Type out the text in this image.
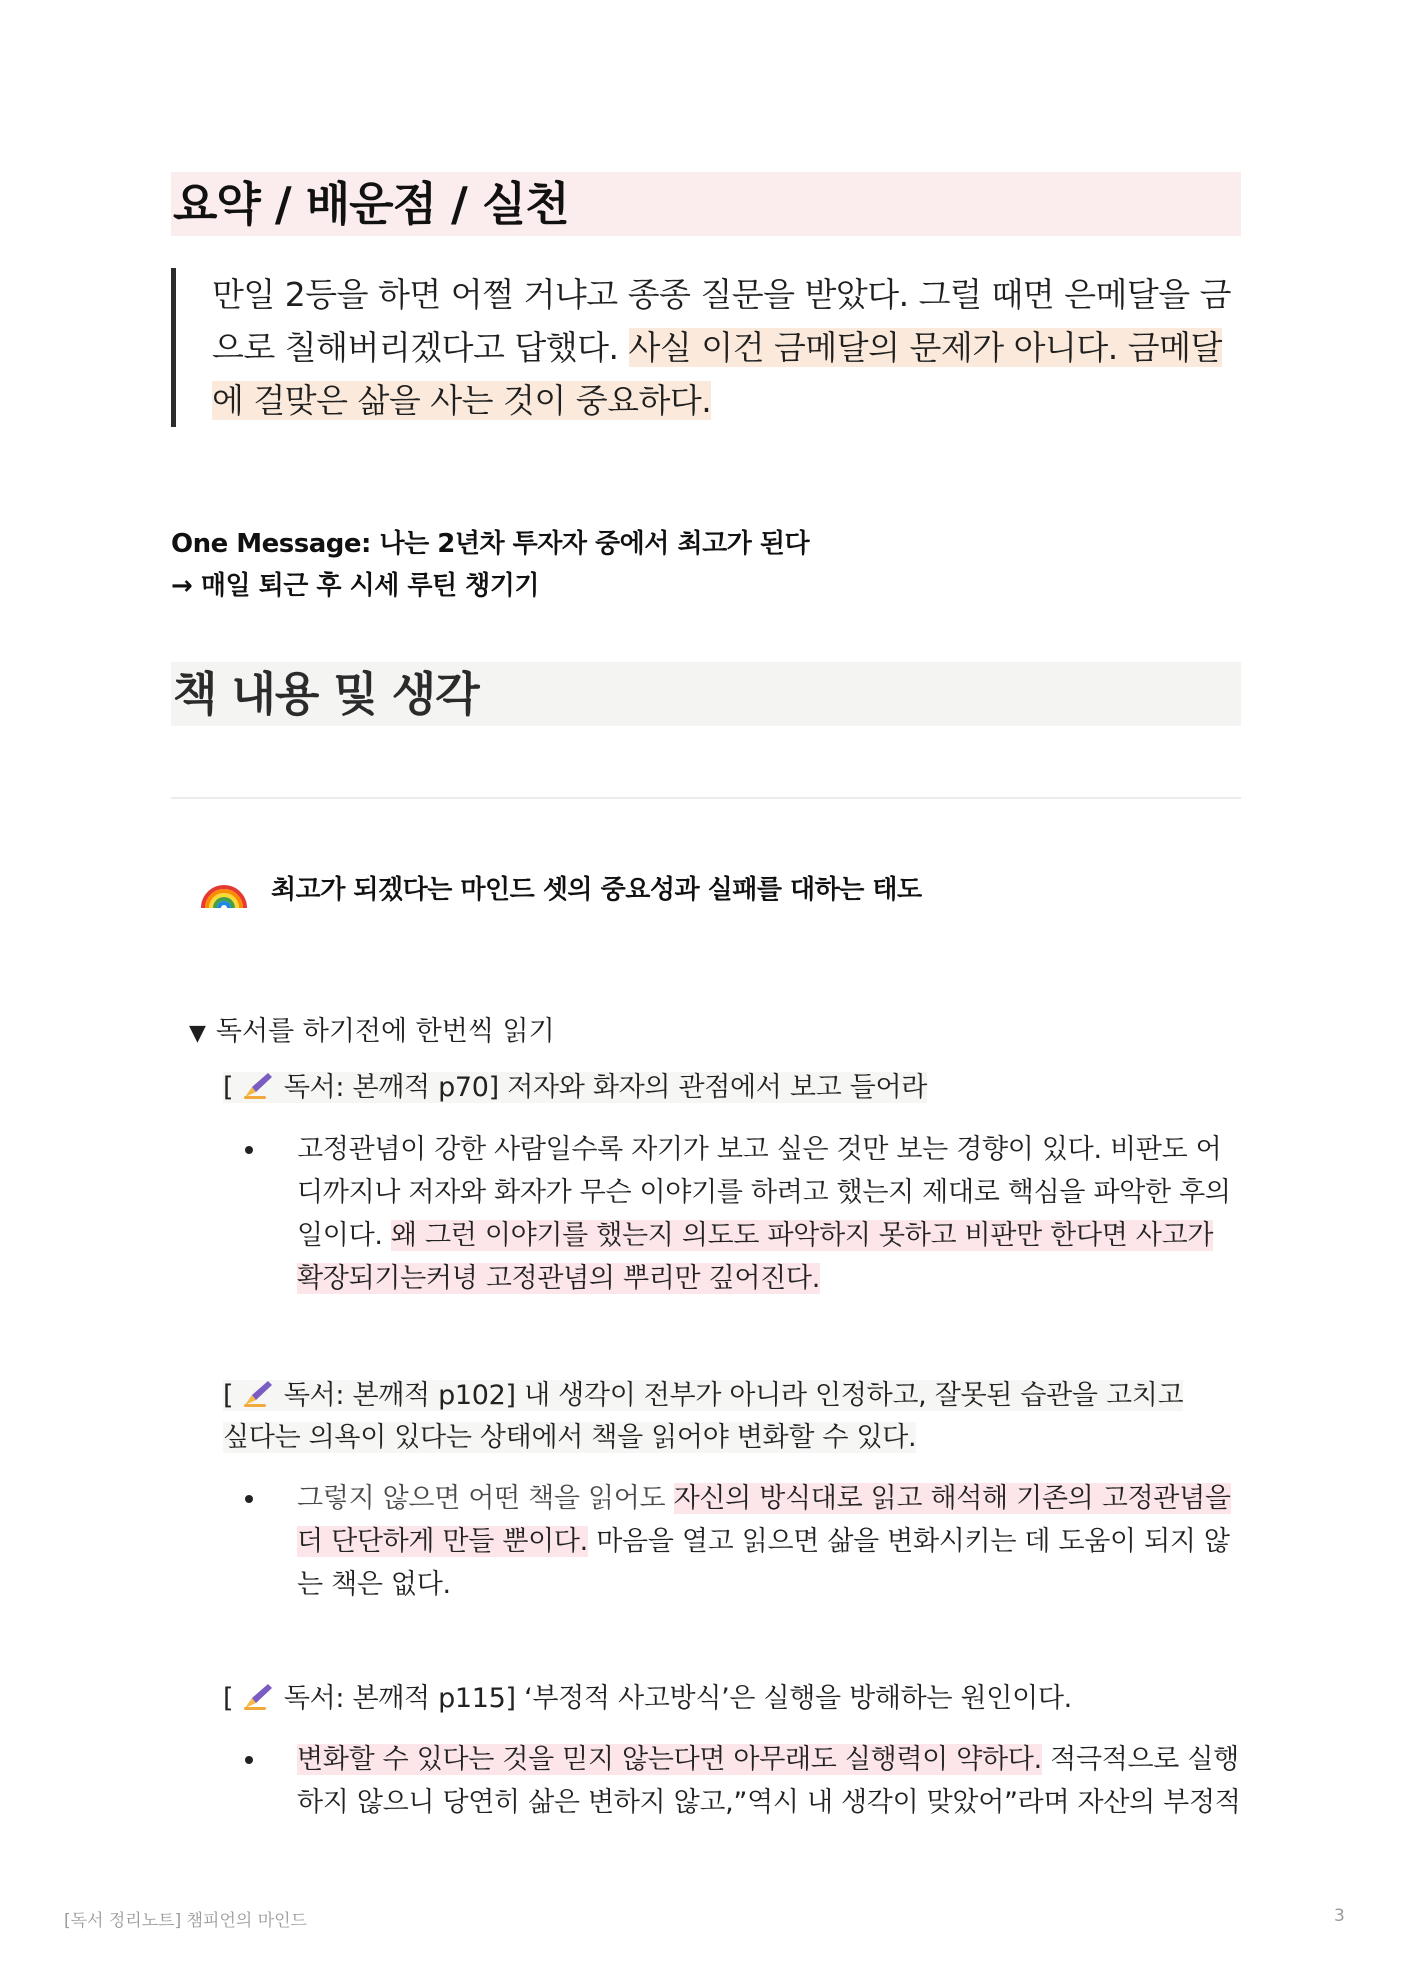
요약 / 배운점 / 실천
만일 2등을 하면 어쩔 거냐고 종종 질문을 받았다. 그럴 때면 은메달을 금으로 칠해버리겠다고 답했다. 사실 이건 금메달의 문제가 아니다. 금메달에 걸맞은 삶을 사는 것이 중요하다.
One Message: 나는 2년차 투자자 중에서 최고가 된다
→ 매일 퇴근 후 시세 루틴 챙기기
책 내용 및 생각
최고가 되겠다는 마인드 셋의 중요성과 실패를 대하는 태도
▼ 독서를 하기전에 한번씩 읽기
[  독서: 본깨적 p70] 저자와 화자의 관점에서 보고 들어라
고정관념이 강한 사람일수록 자기가 보고 싶은 것만 보는 경향이 있다. 비판도 어디까지나 저자와 화자가 무슨 이야기를 하려고 했는지 제대로 핵심을 파악한 후의 일이다. 왜 그런 이야기를 했는지 의도도 파악하지 못하고 비판만 한다면 사고가 확장되기는커녕 고정관념의 뿌리만 깊어진다.
[  독서: 본깨적 p102] 내 생각이 전부가 아니라 인정하고, 잘못된 습관을 고치고 싶다는 의욕이 있다는 상태에서 책을 읽어야 변화할 수 있다.
그렇지 않으면 어떤 책을 읽어도 자신의 방식대로 읽고 해석해 기존의 고정관념을 더 단단하게 만들 뿐이다. 마음을 열고 읽으면 삶을 변화시키는 데 도움이 되지 않는 책은 없다.
[  독서: 본깨적 p115] ‘부정적 사고방식’은 실행을 방해하는 원인이다.
변화할 수 있다는 것을 믿지 않는다면 아무래도 실행력이 약하다. 적극적으로 실행하지 않으니 당연히 삶은 변하지 않고,”역시 내 생각이 맞았어”라며 자산의 부정적
[독서 정리노트] 챔피언의 마인드	3
